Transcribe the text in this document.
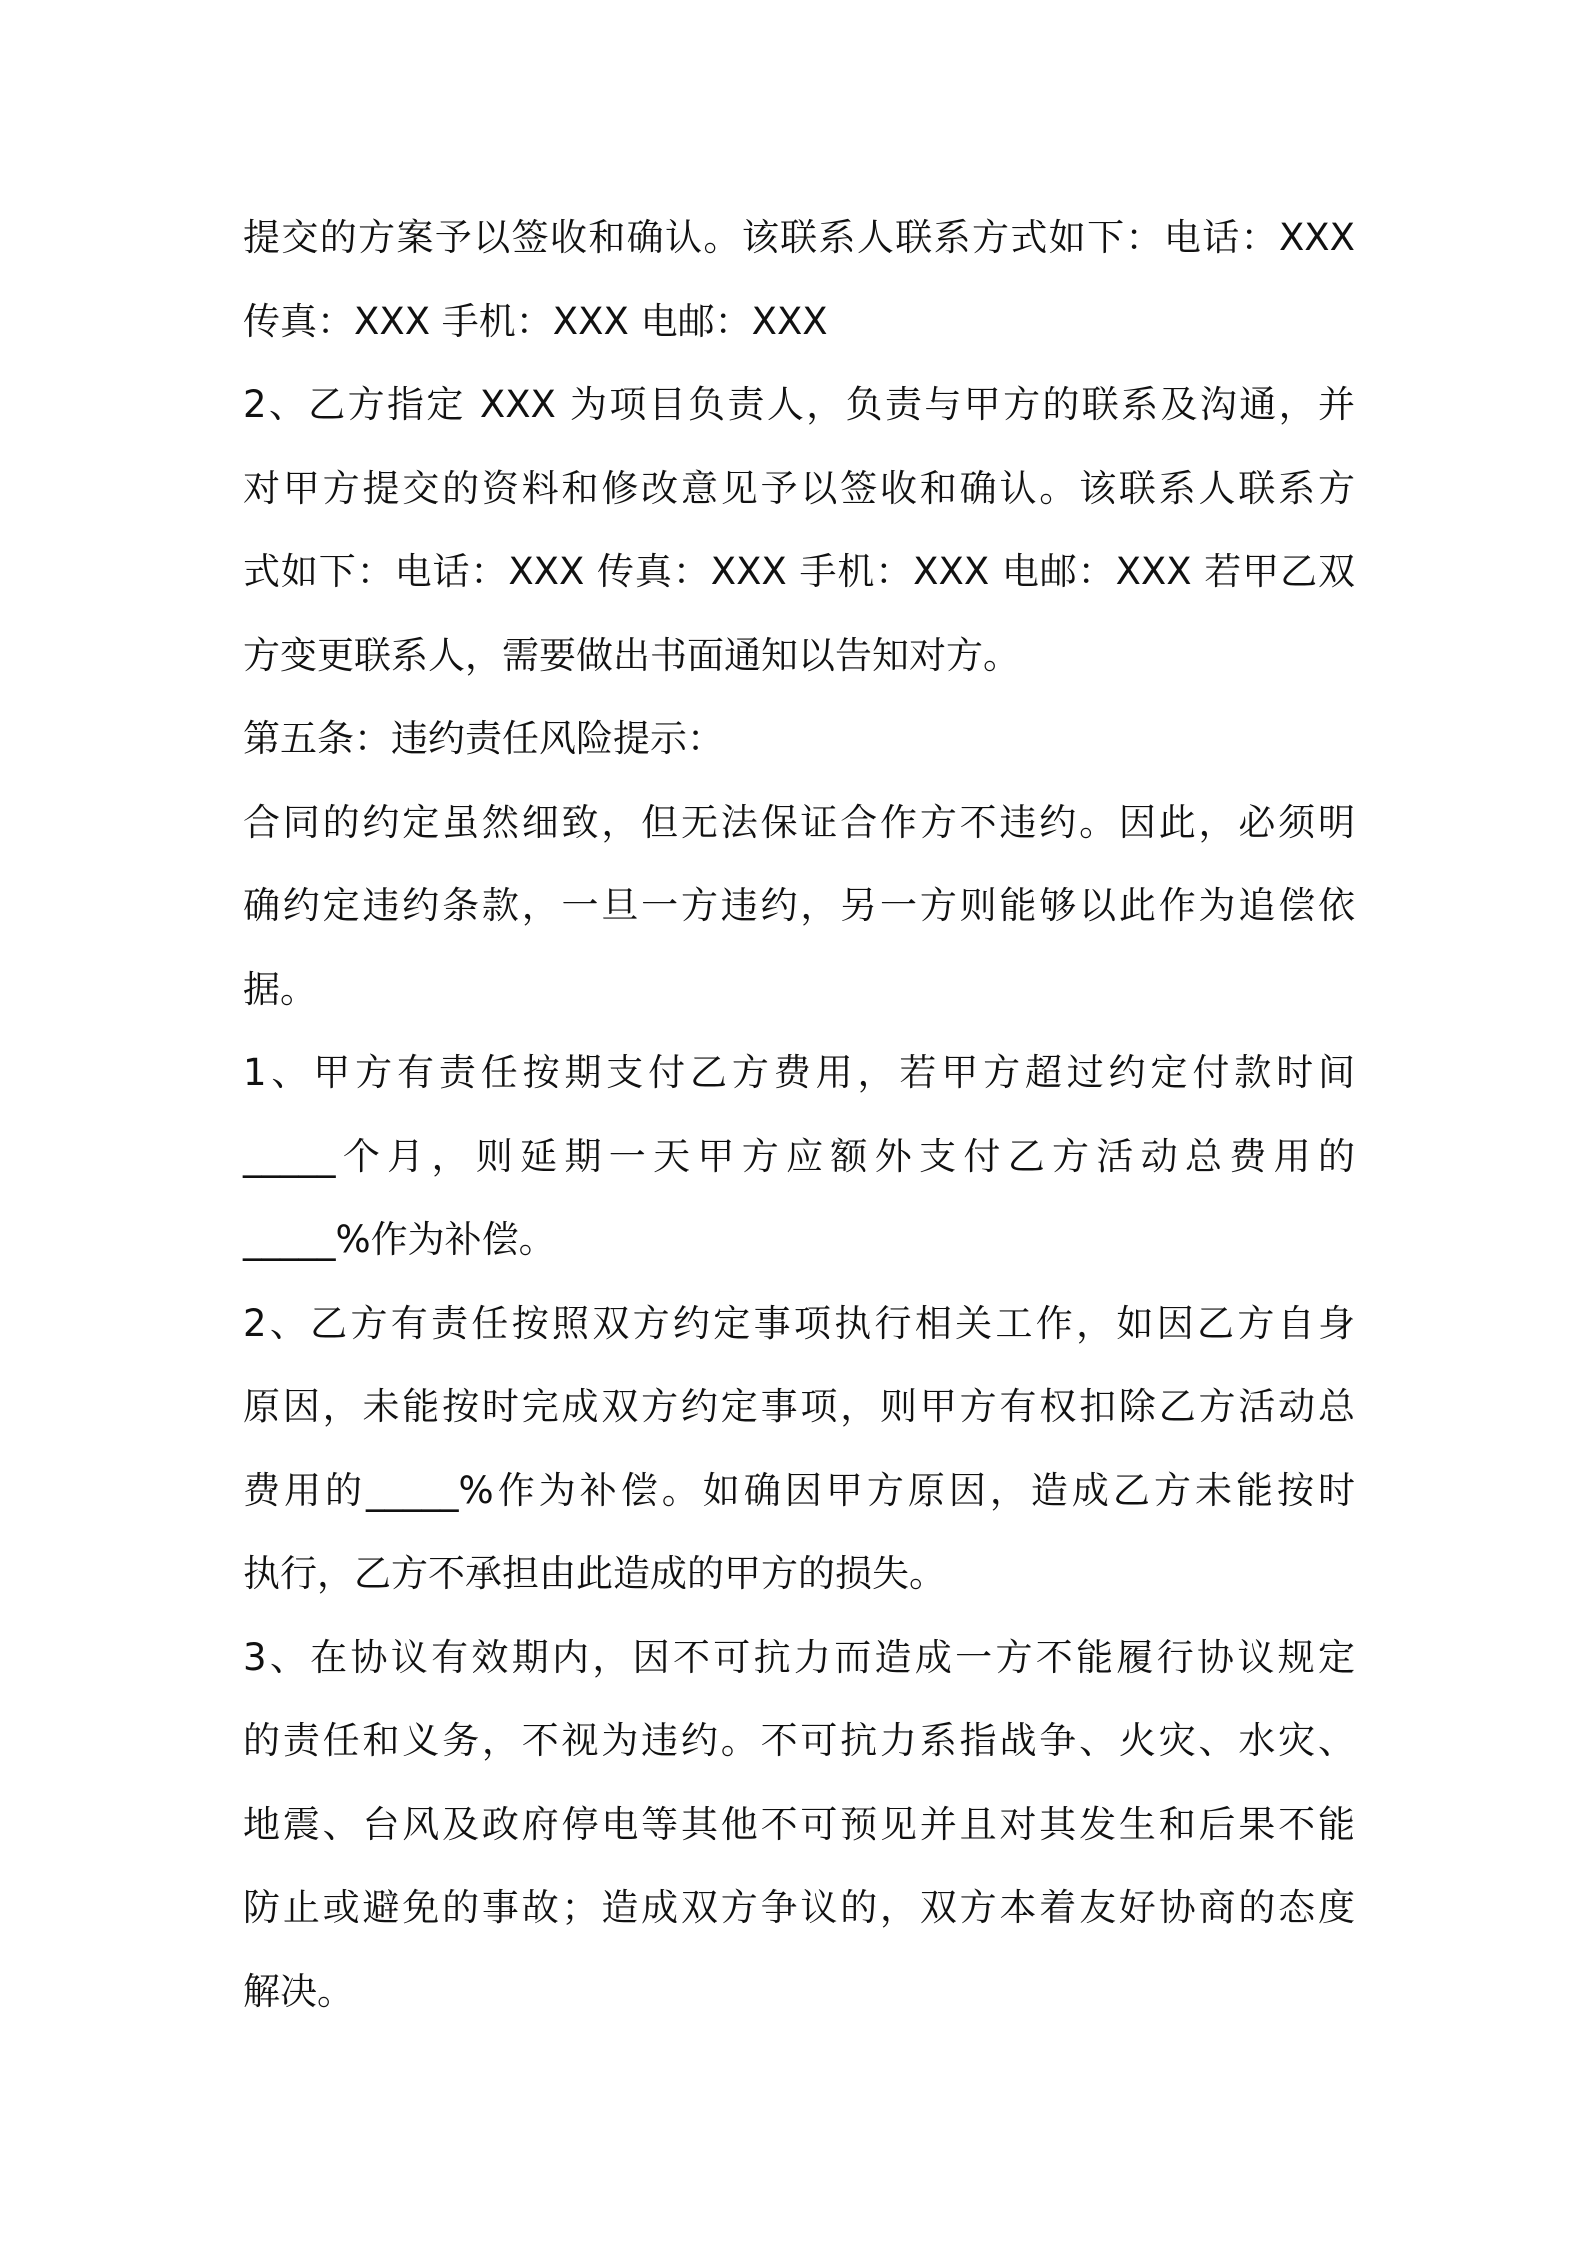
提交的方案予以签收和确认。该联系人联系方式如下：电话：XXX
传真：XXX 手机：XXX 电邮：XXX
2、乙方指定 XXX 为项目负责人，负责与甲方的联系及沟通，并
对甲方提交的资料和修改意见予以签收和确认。该联系人联系方
式如下：电话：XXX 传真：XXX 手机：XXX 电邮：XXX 若甲乙双
方变更联系人，需要做出书面通知以告知对方。
第五条：违约责任风险提示：
合同的约定虽然细致，但无法保证合作方不违约。因此，必须明
确约定违约条款，一旦一方违约，另一方则能够以此作为追偿依
据。
1、甲方有责任按期支付乙方费用，若甲方超过约定付款时间
_____个月，则延期一天甲方应额外支付乙方活动总费用的
_____%作为补偿。
2、乙方有责任按照双方约定事项执行相关工作，如因乙方自身
原因，未能按时完成双方约定事项，则甲方有权扣除乙方活动总
费用的_____%作为补偿。如确因甲方原因，造成乙方未能按时
执行，乙方不承担由此造成的甲方的损失。
3、在协议有效期内，因不可抗力而造成一方不能履行协议规定
的责任和义务，不视为违约。不可抗力系指战争、火灾、水灾、
地震、台风及政府停电等其他不可预见并且对其发生和后果不能
防止或避免的事故；造成双方争议的，双方本着友好协商的态度
解决。
